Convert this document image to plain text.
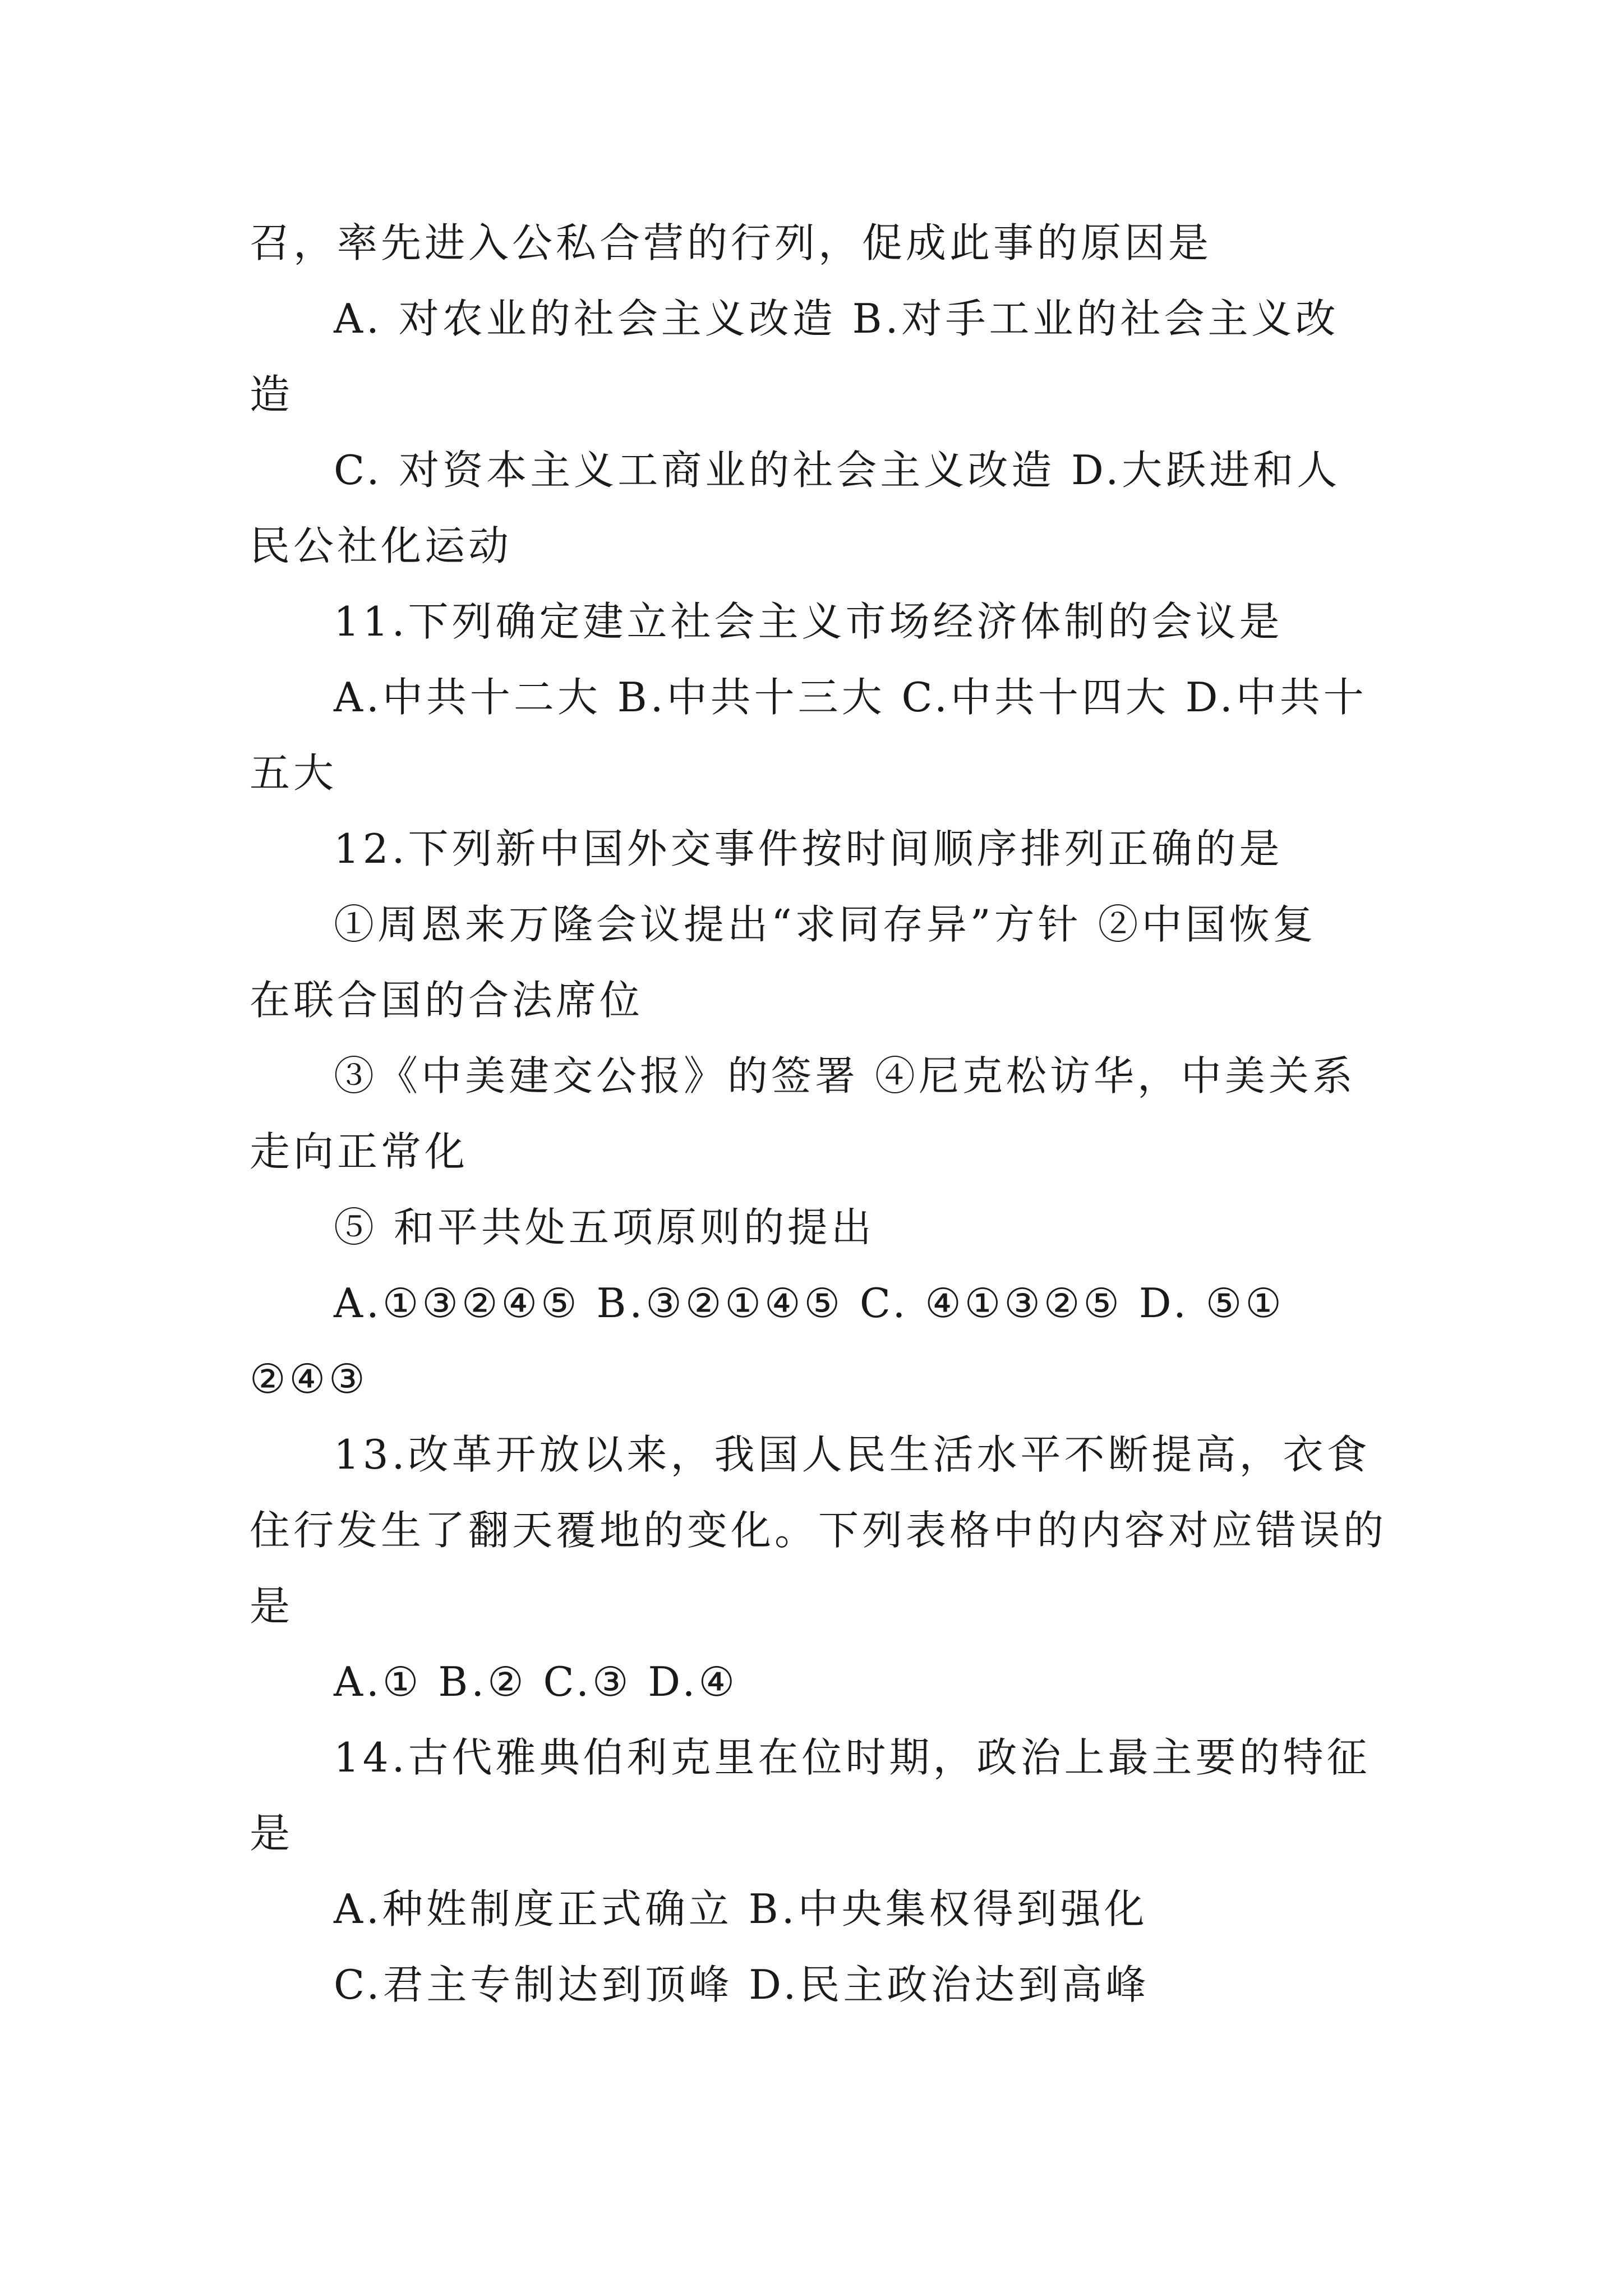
召，率先进入公私合营的行列，促成此事的原因是
A. 对农业的社会主义改造 B.对手工业的社会主义改
造
C. 对资本主义工商业的社会主义改造 D.大跃进和人
民公社化运动
11.下列确定建立社会主义市场经济体制的会议是
A.中共十二大 B.中共十三大 C.中共十四大 D.中共十
五大
12.下列新中国外交事件按时间顺序排列正确的是
①周恩来万隆会议提出“求同存异”方针 ②中国恢复
在联合国的合法席位
③《中美建交公报》的签署 ④尼克松访华，中美关系
走向正常化
⑤ 和平共处五项原则的提出
A.①③②④⑤ B.③②①④⑤ C. ④①③②⑤ D. ⑤①
②④③
13.改革开放以来，我国人民生活水平不断提高，衣食
住行发生了翻天覆地的变化。下列表格中的内容对应错误的
是
A.① B.② C.③ D.④
14.古代雅典伯利克里在位时期，政治上最主要的特征
是
A.种姓制度正式确立 B.中央集权得到强化
C.君主专制达到顶峰 D.民主政治达到高峰
